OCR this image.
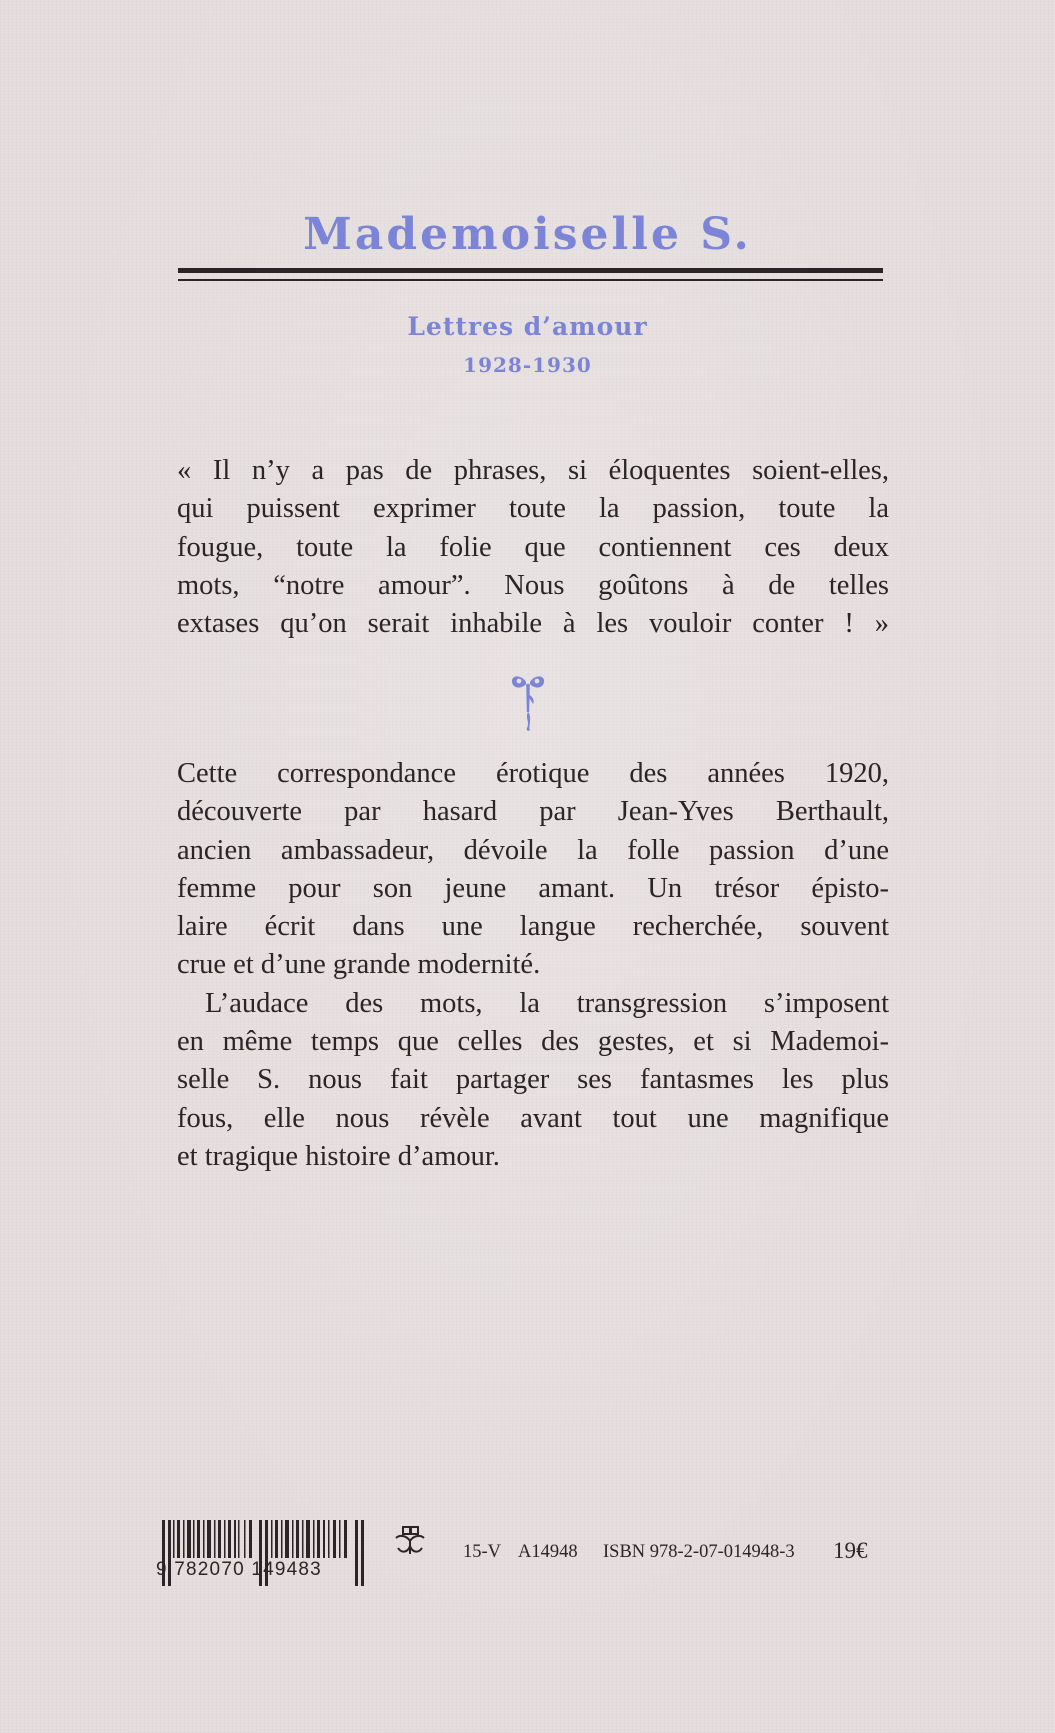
Mademoiselle S.
Lettres d’amour
1928-1930
« Il n’y a pas de phrases, si éloquentes soient-elles,
qui puissent exprimer toute la passion, toute la
fougue, toute la folie que contiennent ces deux
mots, “notre amour”. Nous goûtons à de telles
extases qu’on serait inhabile à les vouloir conter ! »
Cette correspondance érotique des années 1920,
découverte par hasard par Jean-Yves Berthault,
ancien ambassadeur, dévoile la folle passion d’une
femme pour son jeune amant. Un trésor épisto-
laire écrit dans une langue recherchée, souvent
crue et d’une grande modernité.
L’audace des mots, la transgression s’imposent
en même temps que celles des gestes, et si Mademoi-
selle S. nous fait partager ses fantasmes les plus
fous, elle nous révèle avant tout une magnifique
et tragique histoire d’amour.
9 782070 149483
15-V A14948 ISBN 978-2-07-014948-3 19€
